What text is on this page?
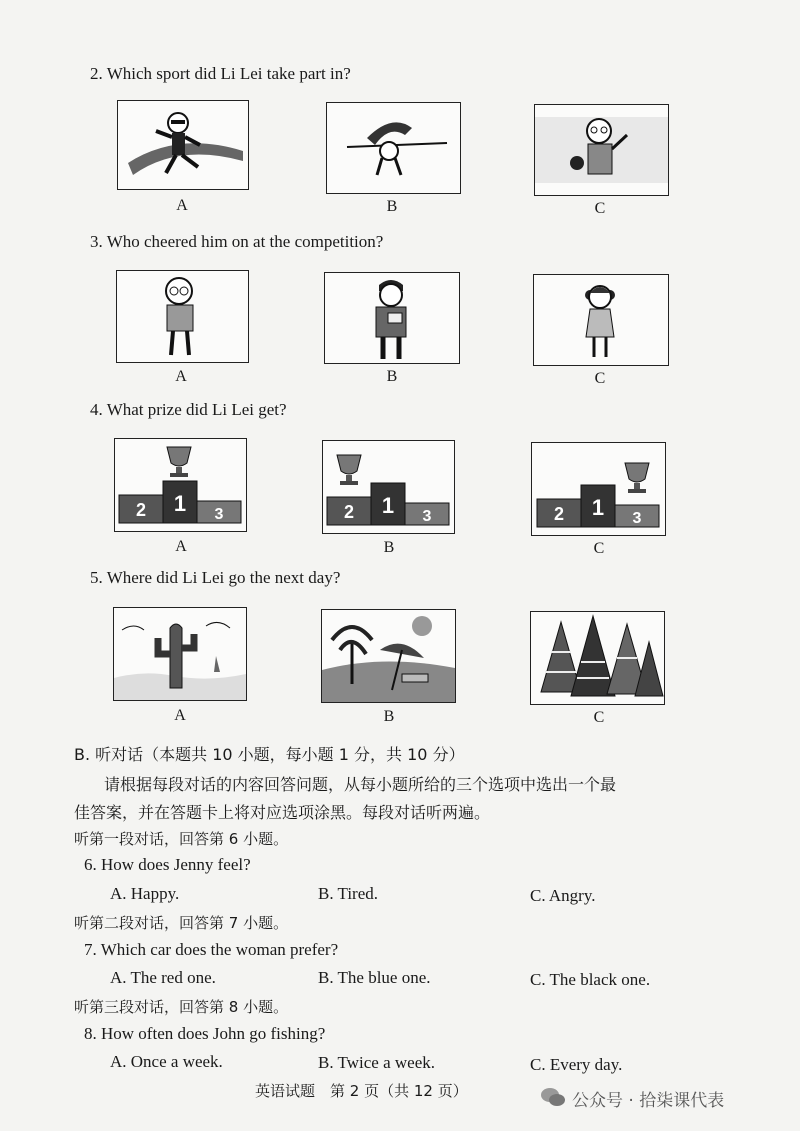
2. Which sport did Li Lei take part in?
A	B	C
3. Who cheered him on at the competition?
A	B	C
4. What prize did Li Lei get?
2 1 3	2 1 3	2 1 3
A	B	C
5. Where did Li Lei go the next day?
A	B	C
B. 听对话（本题共 10 小题，每小题 1 分，共 10 分）
请根据每段对话的内容回答问题，从每小题所给的三个选项中选出一个最
佳答案，并在答题卡上将对应选项涂黑。每段对话听两遍。
听第一段对话，回答第 6 小题。
6. How does Jenny feel?
A. Happy.	B. Tired.	C. Angry.
听第二段对话，回答第 7 小题。
7. Which car does the woman prefer?
A. The red one.	B. The blue one.	C. The black one.
听第三段对话，回答第 8 小题。
8. How often does John go fishing?
A. Once a week.	B. Twice a week.	C. Every day.
英语试题　第 2 页（共 12 页）	公众号 · 拾柒课代表
